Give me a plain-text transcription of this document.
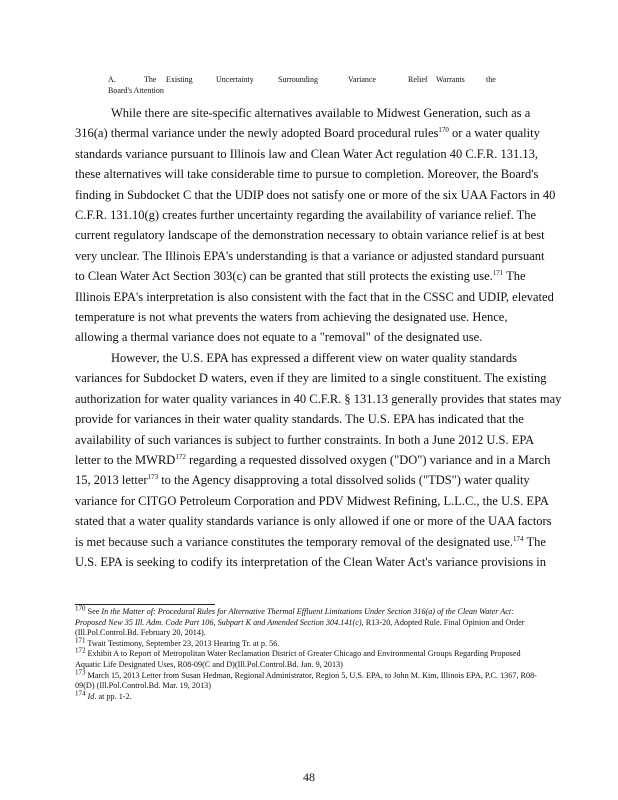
A.	The	Existing	Uncertainty	Surrounding	Variance	Relief	Warrants	the
Board's Attention
While there are site-specific alternatives available to Midwest Generation, such as a
316(a) thermal variance under the newly adopted Board procedural rules$^{170}$ or a water quality
standards variance pursuant to Illinois law and Clean Water Act regulation 40 C.F.R. 131.13,
these alternatives will take considerable time to pursue to completion. Moreover, the Board's
finding in Subdocket C that the UDIP does not satisfy one or more of the six UAA Factors in 40
C.F.R. 131.10(g) creates further uncertainty regarding the availability of variance relief. The
current regulatory landscape of the demonstration necessary to obtain variance relief is at best
very unclear. The Illinois EPA's understanding is that a variance or adjusted standard pursuant
to Clean Water Act Section 303(c) can be granted that still protects the existing use.$^{171}$ The
Illinois EPA's interpretation is also consistent with the fact that in the CSSC and UDIP, elevated
temperature is not what prevents the waters from achieving the designated use. Hence,
allowing a thermal variance does not equate to a "removal" of the designated use.
However, the U.S. EPA has expressed a different view on water quality standards
variances for Subdocket D waters, even if they are limited to a single constituent. The existing
authorization for water quality variances in 40 C.F.R. § 131.13 generally provides that states may
provide for variances in their water quality standards. The U.S. EPA has indicated that the
availability of such variances is subject to further constraints. In both a June 2012 U.S. EPA
letter to the MWRD$^{172}$ regarding a requested dissolved oxygen ("DO") variance and in a March
15, 2013 letter$^{173}$ to the Agency disapproving a total dissolved solids ("TDS") water quality
variance for CITGO Petroleum Corporation and PDV Midwest Refining, L.L.C., the U.S. EPA
stated that a water quality standards variance is only allowed if one or more of the UAA factors
is met because such a variance constitutes the temporary removal of the designated use.$^{174}$ The
U.S. EPA is seeking to codify its interpretation of the Clean Water Act's variance provisions in
$^{170}$ See In the Matter of: Procedural Rules for Alternative Thermal Effluent Limitations Under Section 316(a) of the Clean Water Act: Proposed New 35 Ill. Adm. Code Part 106, Subpart K and Amended Section 304.141(c), R13-20, Adopted Rule. Final Opinion and Order (Ill.Pol.Control.Bd. February 20, 2014).
$^{171}$ Twait Testimony, September 23, 2013 Hearing Tr. at p. 56.
$^{172}$ Exhibit A to Report of Metropolitan Water Reclamation District of Greater Chicago and Environmental Groups Regarding Proposed Aquatic Life Designated Uses, R08-09(C and D)(Ill.Pol.Control.Bd. Jan. 9, 2013)
$^{173}$ March 15, 2013 Letter from Susan Hedman, Regional Administrator, Region 5, U.S. EPA, to John M. Kim, Illinois EPA, P.C. 1367, R08-09(D) (Ill.Pol.Control.Bd. Mar. 19, 2013)
$^{174}$ Id. at pp. 1-2.
48
